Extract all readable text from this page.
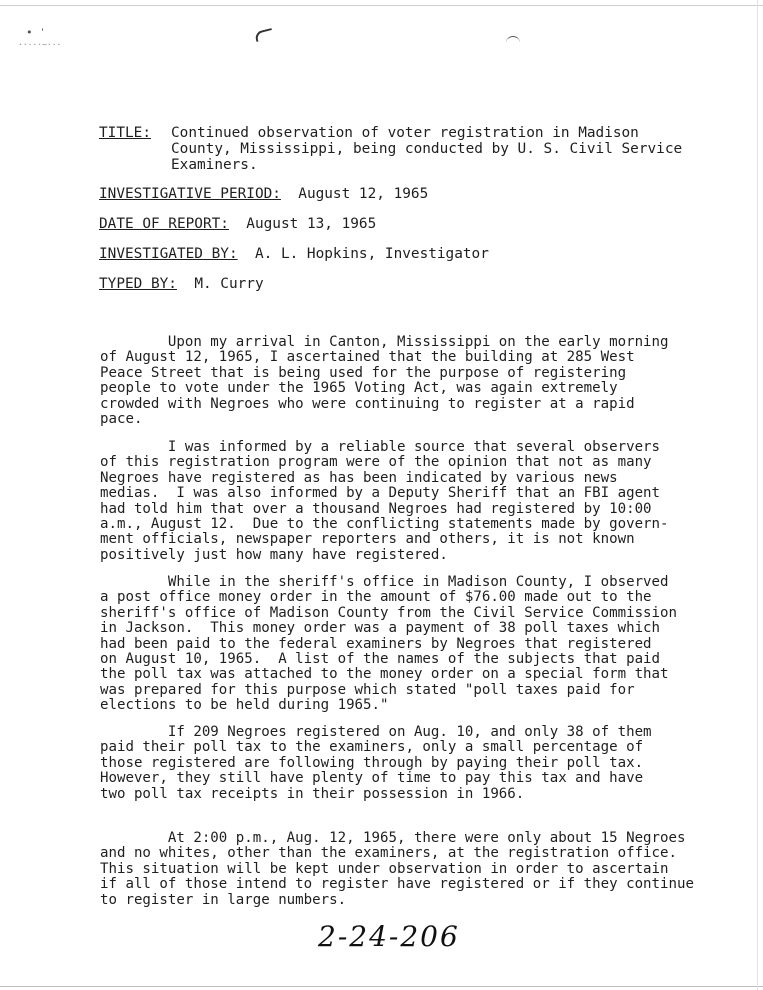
• ˈ
·····~···
TITLE: Continued observation of voter registration in Madison
County, Mississippi, being conducted by U. S. Civil Service
Examiners.
INVESTIGATIVE PERIOD: August 12, 1965
DATE OF REPORT: August 13, 1965
INVESTIGATED BY: A. L. Hopkins, Investigator
TYPED BY: M. Curry
Upon my arrival in Canton, Mississippi on the early morning
of August 12, 1965, I ascertained that the building at 285 West
Peace Street that is being used for the purpose of registering
people to vote under the 1965 Voting Act, was again extremely
crowded with Negroes who were continuing to register at a rapid
pace.
I was informed by a reliable source that several observers
of this registration program were of the opinion that not as many
Negroes have registered as has been indicated by various news
medias.  I was also informed by a Deputy Sheriff that an FBI agent
had told him that over a thousand Negroes had registered by 10:00
a.m., August 12.  Due to the conflicting statements made by govern-
ment officials, newspaper reporters and others, it is not known
positively just how many have registered.
While in the sheriff's office in Madison County, I observed
a post office money order in the amount of $76.00 made out to the
sheriff's office of Madison County from the Civil Service Commission
in Jackson.  This money order was a payment of 38 poll taxes which
had been paid to the federal examiners by Negroes that registered
on August 10, 1965.  A list of the names of the subjects that paid
the poll tax was attached to the money order on a special form that
was prepared for this purpose which stated "poll taxes paid for
elections to be held during 1965."
If 209 Negroes registered on Aug. 10, and only 38 of them
paid their poll tax to the examiners, only a small percentage of
those registered are following through by paying their poll tax.
However, they still have plenty of time to pay this tax and have
two poll tax receipts in their possession in 1966.
At 2:00 p.m., Aug. 12, 1965, there were only about 15 Negroes
and no whites, other than the examiners, at the registration office.
This situation will be kept under observation in order to ascertain
if all of those intend to register have registered or if they continue
to register in large numbers.
2-24-206
